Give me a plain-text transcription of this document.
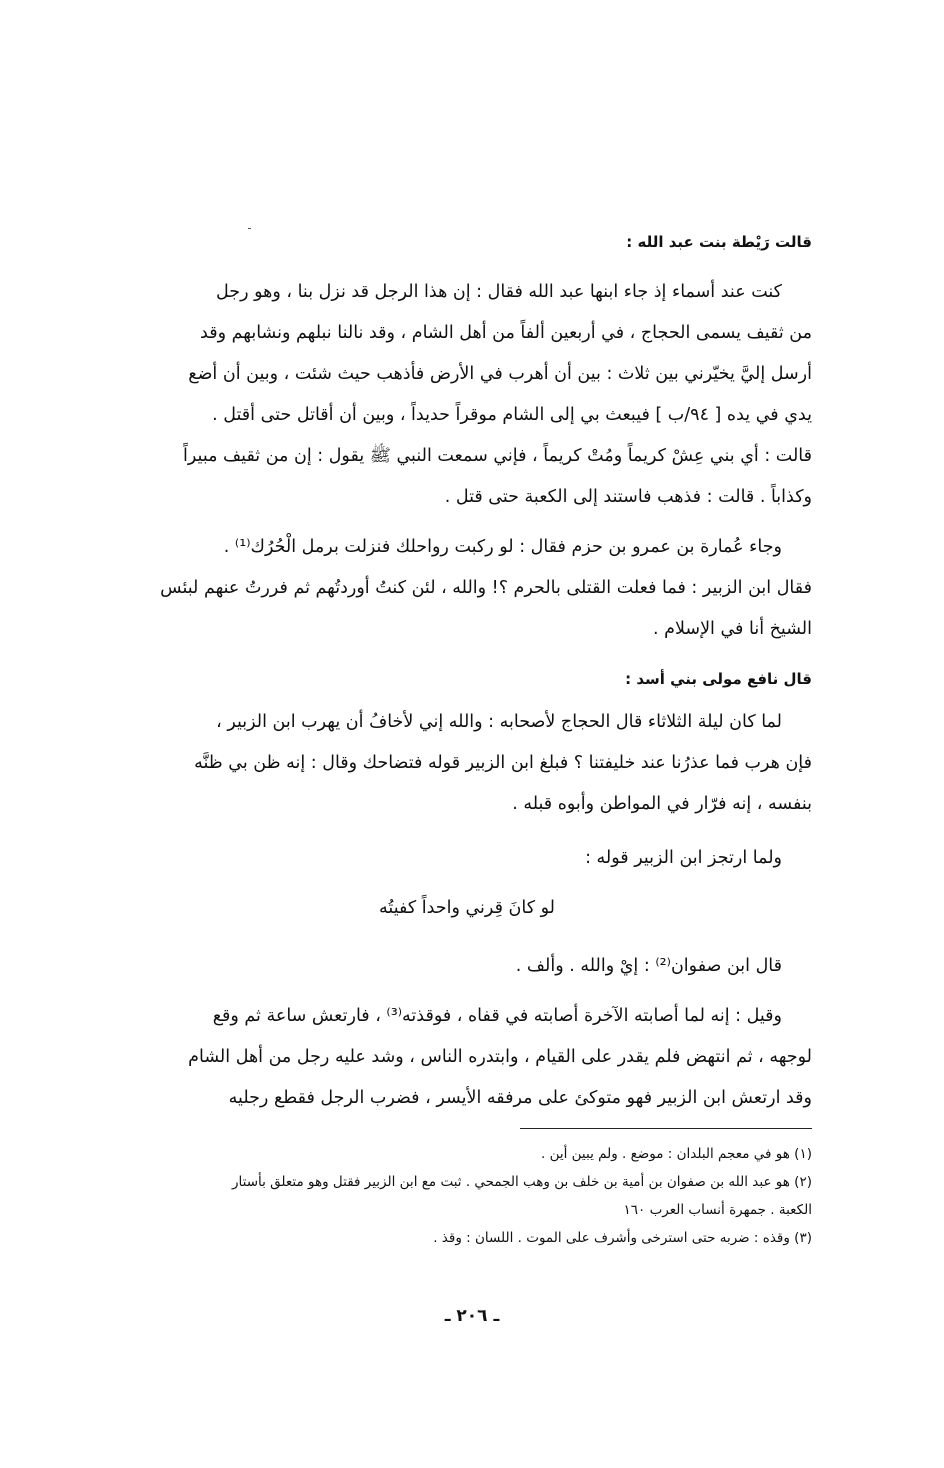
قالت رَيْطة بنت عبد الله :
كنت عند أسماء إذ جاء ابنها عبد الله فقال : إن هذا الرجل قد نزل بنا ، وهو رجل
من ثقيف يسمى الحجاج ، في أربعين ألفاً من أهل الشام ، وقد نالنا نبلهم ونشابهم وقد
أرسل إليَّ يخيّرني بين ثلاث : بين أن أهرب في الأرض فأذهب حيث شئت ، وبين أن أضع
يدي في يده [ ٩٤/ب ] فيبعث بي إلى الشام موقراً حديداً ، وبين أن أقاتل حتى أقتل .
قالت : أي بني عِشْ كريماً ومُتْ كريماً ، فإني سمعت النبي ﷺ يقول : إن من ثقيف مبيراً
وكذاباً . قالت : فذهب فاستند إلى الكعبة حتى قتل .
وجاء عُمارة بن عمرو بن حزم فقال : لو ركبت رواحلك فنزلت برمل الْحُرُك⁽¹⁾ .
فقال ابن الزبير : فما فعلت القتلى بالحرم ؟! والله ، لئن كنتُ أوردتُهم ثم فررتُ عنهم لبئس
الشيخ أنا في الإسلام .
قال نافع مولى بني أسد :
لما كان ليلة الثلاثاء قال الحجاج لأصحابه : والله إني لأخافُ أن يهرب ابن الزبير ،
فإن هرب فما عذرُنا عند خليفتنا ؟ فبلغ ابن الزبير قوله فتضاحك وقال : إنه ظن بي ظنَّه
بنفسه ، إنه فرّار في المواطن وأبوه قبله .
ولما ارتجز ابن الزبير قوله :
لو كانَ قِرني واحداً كفيتُه
قال ابن صفوان⁽²⁾ : إيْ والله . وألف .
وقيل : إنه لما أصابته الآخرة أصابته في قفاه ، فوقذته⁽³⁾ ، فارتعش ساعة ثم وقع
لوجهه ، ثم انتهض فلم يقدر على القيام ، وابتدره الناس ، وشد عليه رجل من أهل الشام
وقد ارتعش ابن الزبير فهو متوكئ على مرفقه الأيسر ، فضرب الرجل فقطع رجليه
(١) هو في معجم البلدان : موضع . ولم يبين أين .
(٢) هو عبد الله بن صفوان بن أمية بن خلف بن وهب الجمحي . ثبت مع ابن الزبير فقتل وهو متعلق بأستار
الكعبة . جمهرة أنساب العرب ١٦٠
(٣) وقذه : ضربه حتى استرخى وأشرف على الموت . اللسان : وقذ .
ـ ٢٠٦ ـ
